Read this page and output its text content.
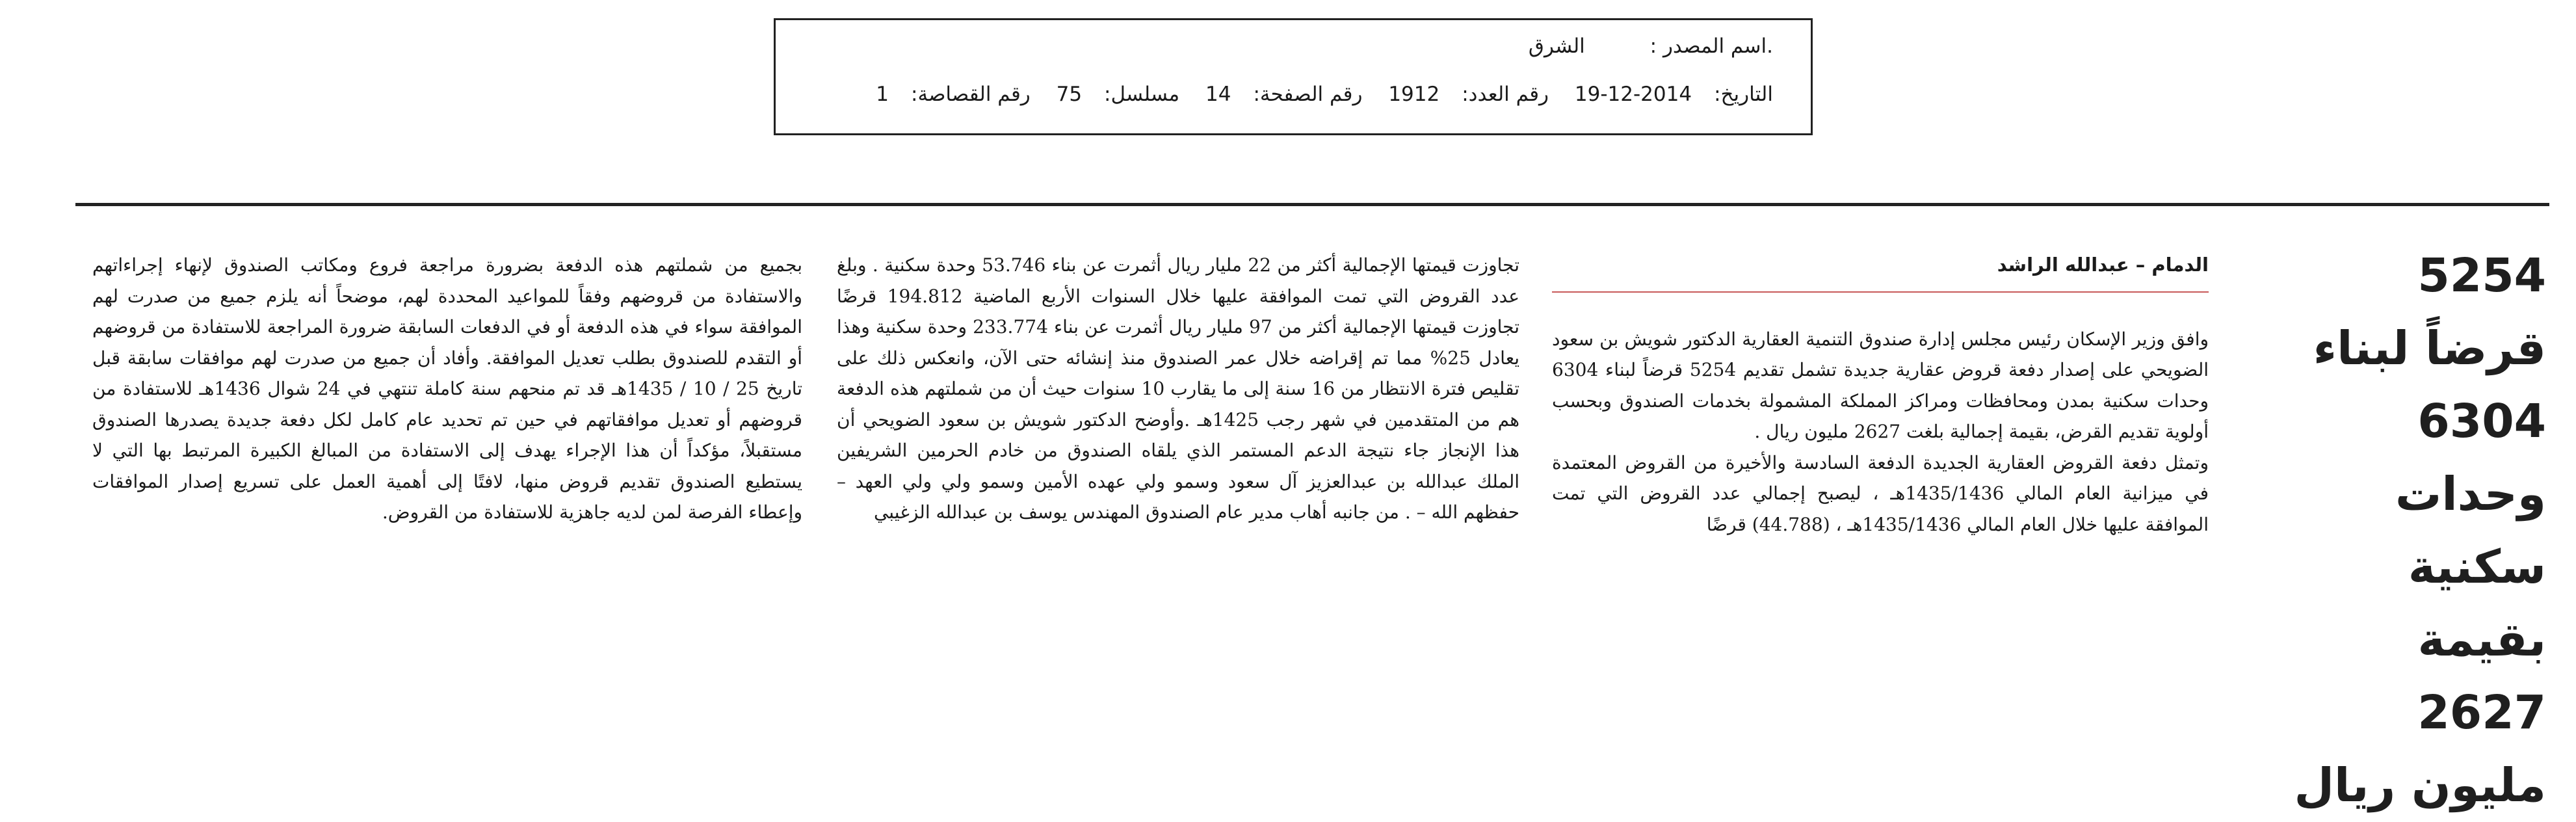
.اسم المصدر : الشرق
التاريخ:2014-12-19 رقم العدد:1912 رقم الصفحة:14 مسلسل:75 رقم القصاصة:1
5254 قرضاً لبناء 6304 وحدات سكنية بقيمة 2627 مليون ريال
الدمام – عبدالله الراشد

وافق وزير الإسكان رئيس مجلس إدارة صندوق التنمية العقارية الدكتور شويش بن سعود الضويحي على إصدار دفعة قروض عقارية جديدة تشمل تقديم 5254 قرضاً لبناء 6304 وحدات سكنية بمدن ومحافظات ومراكز المملكة المشمولة بخدمات الصندوق وبحسب أولوية تقديم القرض، بقيمة إجمالية بلغت 2627 مليون ريال .

وتمثل دفعة القروض العقارية الجديدة الدفعة السادسة والأخيرة من القروض المعتمدة في ميزانية العام المالي 1435/1436هـ ، ليصبح إجمالي عدد القروض التي تمت الموافقة عليها خلال العام المالي 1435/1436هـ ، (44.788) قرضًا

تجاوزت قيمتها الإجمالية أكثر من 22 مليار ريال أثمرت عن بناء 53.746 وحدة سكنية . وبلغ عدد القروض التي تمت الموافقة عليها خلال السنوات الأربع الماضية 194.812 قرضًا تجاوزت قيمتها الإجمالية أكثر من 97 مليار ريال أثمرت عن بناء 233.774 وحدة سكنية وهذا يعادل 25% مما تم إقراضه خلال عمر الصندوق منذ إنشائه حتى الآن، وانعكس ذلك على تقليص فترة الانتظار من 16 سنة إلى ما يقارب 10 سنوات حيث أن من شملتهم هذه الدفعة هم من المتقدمين في شهر رجب 1425هـ .وأوضح الدكتور شويش بن سعود الضويحي أن هذا الإنجاز جاء نتيجة الدعم المستمر الذي يلقاه الصندوق من خادم الحرمين الشريفين الملك عبدالله بن عبدالعزيز آل سعود وسمو ولي عهده الأمين وسمو ولي ولي العهد – حفظهم الله – . من جانبه أهاب مدير عام الصندوق المهندس يوسف بن عبدالله الزغيبي

بجميع من شملتهم هذه الدفعة بضرورة مراجعة فروع ومكاتب الصندوق لإنهاء إجراءاتهم والاستفادة من قروضهم وفقاً للمواعيد المحددة لهم، موضحاً أنه يلزم جميع من صدرت لهم الموافقة سواء في هذه الدفعة أو في الدفعات السابقة ضرورة المراجعة للاستفادة من قروضهم أو التقدم للصندوق بطلب تعديل الموافقة. وأفاد أن جميع من صدرت لهم موافقات سابقة قبل تاريخ 25 / 10 / 1435هـ قد تم منحهم سنة كاملة تنتهي في 24 شوال 1436هـ للاستفادة من قروضهم أو تعديل موافقاتهم في حين تم تحديد عام كامل لكل دفعة جديدة يصدرها الصندوق مستقبلاً، مؤكداً أن هذا الإجراء يهدف إلى الاستفادة من المبالغ الكبيرة المرتبط بها التي لا يستطيع الصندوق تقديم قروض منها، لافتًا إلى أهمية العمل على تسريع إصدار الموافقات وإعطاء الفرصة لمن لديه جاهزية للاستفادة من القروض.
